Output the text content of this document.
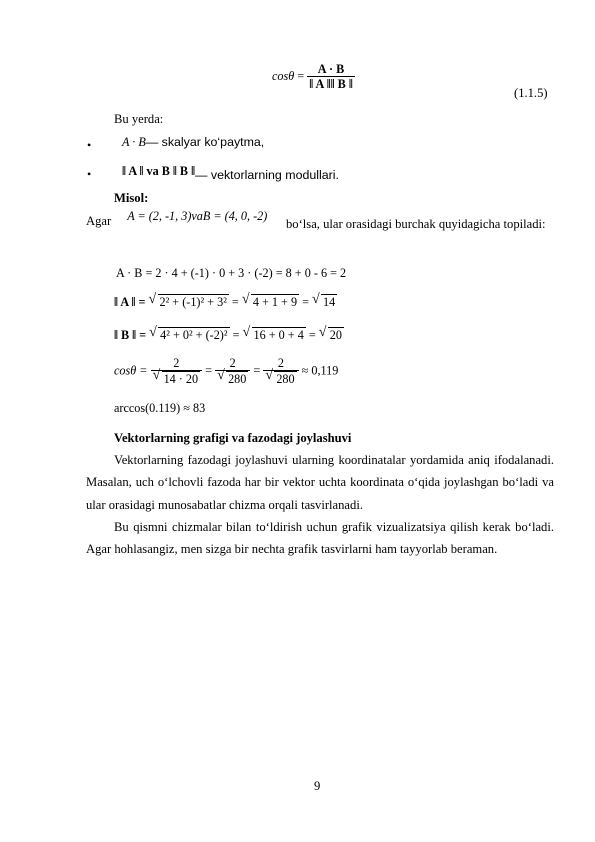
$\cos\theta = \frac{A \cdot B}{‖ A ‖‖ B ‖}$
(1.1.5)
Bu yerda:
•	A · B— skalyar ko‘paytma,
•	‖ A ‖ va B ‖ B $‖_{— vektorlarning modullari.}$
Misol:
Agar A = (2, -1, 3)vaB = (4, 0, -2)
bo‘lsa, ular orasidagi burchak quyidagicha topiladi:
A · B = 2 · 4 + (-1) · 0 + 3 · (-2) = 8 + 0 - 6 = 2
‖ A ‖ = √ 2² + (-1)² + 3² = √ 4 + 1 + 9 = √ 14
‖ B ‖ = √ 4² + 0² + (-2)² = √ 16 + 0 + 4 = √ 20
$\cos\theta = \frac{2}{√ 14 \cdot 20} = \frac{2}{√ 280} = \frac{2}{√ 280} \approx 0,119$
arccos(0.119) ≈ 83
Vektorlarning grafigi va fazodagi joylashuvi
Vektorlarning fazodagi joylashuvi ularning koordinatalar yordamida aniq ifodalanadi. Masalan, uch o‘lchovli fazoda har bir vektor uchta koordinata o‘qida joylashgan bo‘ladi va ular orasidagi munosabatlar chizma orqali tasvirlanadi.
Bu qismni chizmalar bilan to‘ldirish uchun grafik vizualizatsiya qilish kerak bo‘ladi. Agar hohlasangiz, men sizga bir nechta grafik tasvirlarni ham tayyorlab beraman.
9
